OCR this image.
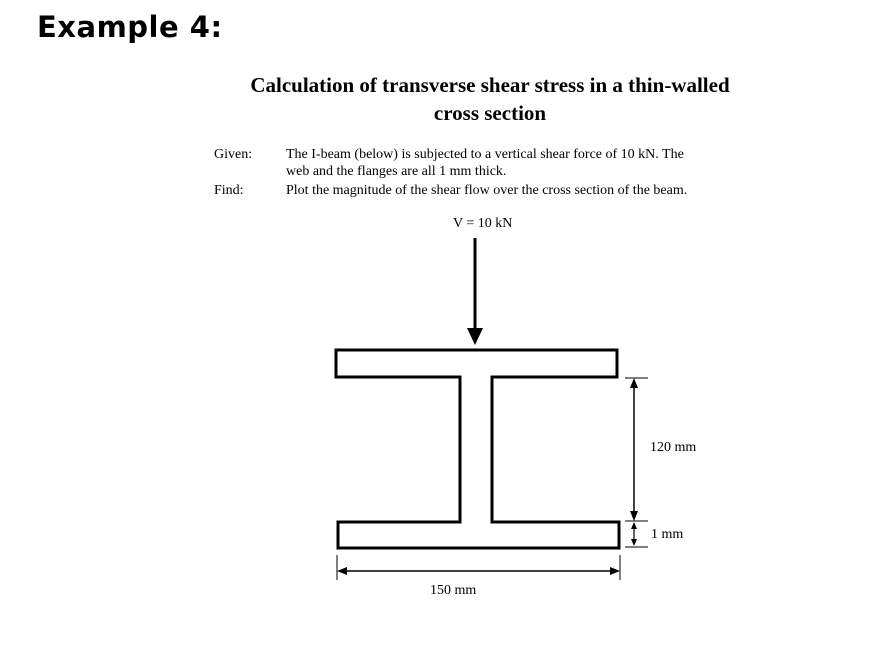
Example 4:
Calculation of transverse shear stress in a thin-walled
cross section
Given: The I-beam (below) is subjected to a vertical shear force of 10 kN. The
web and the flanges are all 1 mm thick.
Find:	Plot the magnitude of the shear flow over the cross section of the beam.
V = 10 kN
120 mm
1 mm
150 mm
